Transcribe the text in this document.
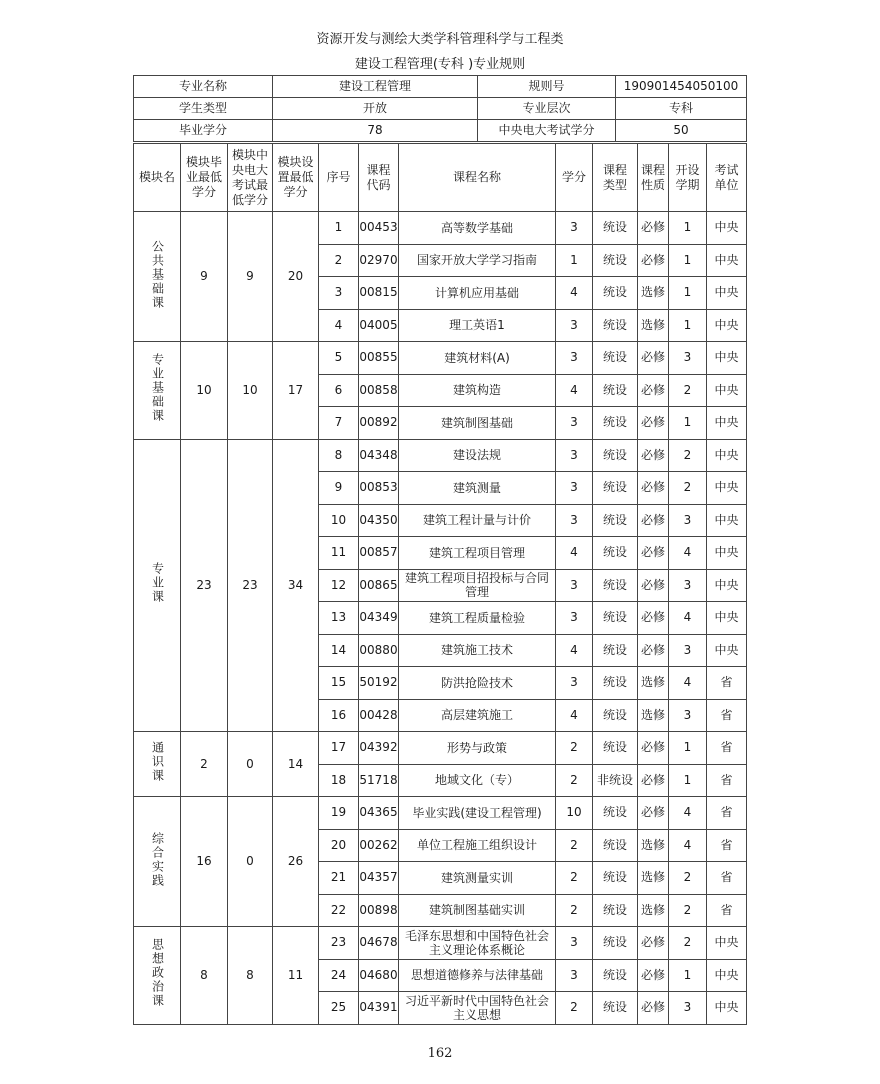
资源开发与测绘大类学科管理科学与工程类
建设工程管理(专科 )专业规则
专业名称	建设工程管理	规则号	190901454050100
学生类型	开放	专业层次	专科
毕业学分	78	中央电大考试学分	50
模块名	模块毕业最低学分	模块中央电大考试最低学分	模块设置最低学分	序号	课程代码	课程名称	学分	课程类型	课程性质	开设学期	考试单位

公共基础课	9	9	20	1	00453	高等数学基础	3	统设	必修	1	中央
				2	02970	国家开放大学学习指南	1	统设	必修	1	中央
				3	00815	计算机应用基础	4	统设	选修	1	中央
				4	04005	理工英语1	3	统设	选修	1	中央
专业基础课	10	10	17	5	00855	建筑材料(A)	3	统设	必修	3	中央
				6	00858	建筑构造	4	统设	必修	2	中央
				7	00892	建筑制图基础	3	统设	必修	1	中央
专业课	23	23	34	8	04348	建设法规	3	统设	必修	2	中央
				9	00853	建筑测量	3	统设	必修	2	中央
				10	04350	建筑工程计量与计价	3	统设	必修	3	中央
				11	00857	建筑工程项目管理	4	统设	必修	4	中央
				12	00865	建筑工程项目招投标与合同管理	3	统设	必修	3	中央
				13	04349	建筑工程质量检验	3	统设	必修	4	中央
				14	00880	建筑施工技术	4	统设	必修	3	中央
				15	50192	防洪抢险技术	3	统设	选修	4	省
				16	00428	高层建筑施工	4	统设	选修	3	省
通识课	2	0	14	17	04392	形势与政策	2	统设	必修	1	省
				18	51718	地域文化（专）	2	非统设	必修	1	省
综合实践	16	0	26	19	04365	毕业实践(建设工程管理)	10	统设	必修	4	省
				20	00262	单位工程施工组织设计	2	统设	选修	4	省
				21	04357	建筑测量实训	2	统设	选修	2	省
				22	00898	建筑制图基础实训	2	统设	选修	2	省
思想政治课	8	8	11	23	04678	毛泽东思想和中国特色社会主义理论体系概论	3	统设	必修	2	中央
				24	04680	思想道德修养与法律基础	3	统设	必修	1	中央
				25	04391	习近平新时代中国特色社会主义思想	2	统设	必修	3	中央
162
